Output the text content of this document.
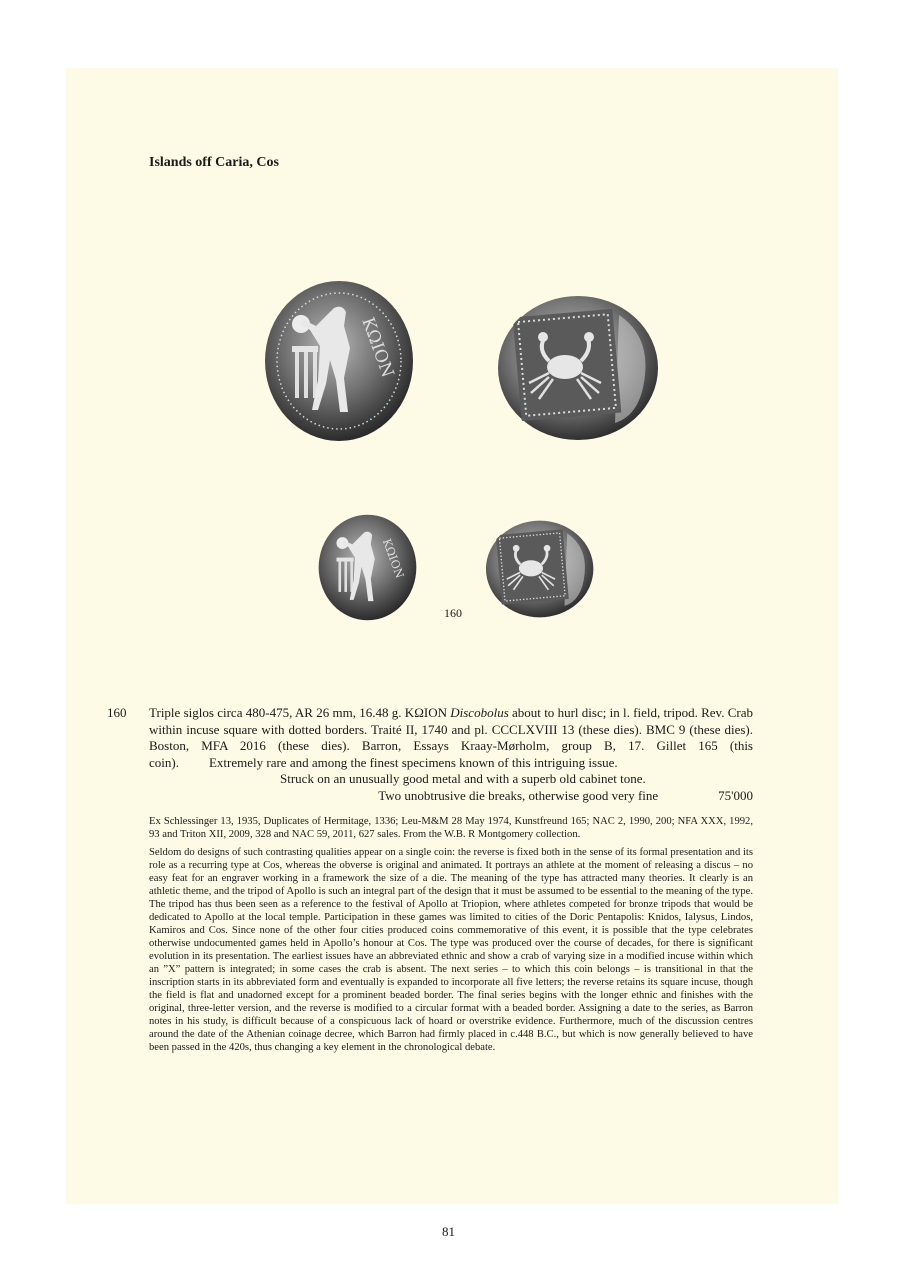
Islands off Caria, Cos
ΚΩΙΟΝ
ΚΩΙΟΝ
160
160 Triple siglos circa 480-475, AR 26 mm, 16.48 g. ΚΩΙΟΝ Discobolus about to hurl disc; in l. field, tripod. Rev. Crab within incuse square with dotted borders. Traité II, 1740 and pl. CCCLXVIII 13 (these dies). BMC 9 (these dies). Boston, MFA 2016 (these dies). Barron, Essays Kraay-Mørholm, group B, 17. Gillet 165 (this coin). Extremely rare and among the finest specimens known of this intriguing issue.

Struck on an unusually good metal and with a superb old cabinet tone.

Two unobtrusive die breaks, otherwise good very fine	75'000

Ex Schlessinger 13, 1935, Duplicates of Hermitage, 1336; Leu-M&M 28 May 1974, Kunstfreund 165; NAC 2, 1990, 200; NFA XXX, 1992, 93 and Triton XII, 2009, 328 and NAC 59, 2011, 627 sales. From the W.B. R Montgomery collection.

Seldom do designs of such contrasting qualities appear on a single coin: the reverse is fixed both in the sense of its formal presentation and its role as a recurring type at Cos, whereas the obverse is original and animated. It portrays an athlete at the moment of releasing a discus – no easy feat for an engraver working in a framework the size of a die. The meaning of the type has attracted many theories. It clearly is an athletic theme, and the tripod of Apollo is such an integral part of the design that it must be assumed to be essential to the meaning of the type. The tripod has thus been seen as a reference to the festival of Apollo at Triopion, where athletes competed for bronze tripods that would be dedicated to Apollo at the local temple. Participation in these games was limited to cities of the Doric Pentapolis: Knidos, Ialysus, Lindos, Kamiros and Cos. Since none of the other four cities produced coins commemorative of this event, it is possible that the type celebrates otherwise undocumented games held in Apollo’s honour at Cos. The type was produced over the course of decades, for there is significant evolution in its presentation. The earliest issues have an abbreviated ethnic and show a crab of varying size in a modified incuse within which an ”X” pattern is integrated; in some cases the crab is absent. The next series – to which this coin belongs – is transitional in that the inscription starts in its abbreviated form and eventually is expanded to incorporate all five letters; the reverse retains its square incuse, though the field is flat and unadorned except for a prominent beaded border. The final series begins with the longer ethnic and finishes with the original, three-letter version, and the reverse is modified to a circular format with a beaded border. Assigning a date to the series, as Barron notes in his study, is difficult because of a conspicuous lack of hoard or overstrike evidence. Furthermore, much of the discussion centres around the date of the Athenian coinage decree, which Barron had firmly placed in c.448 B.C., but which is now generally believed to have been passed in the 420s, thus changing a key element in the chronological debate.

81
